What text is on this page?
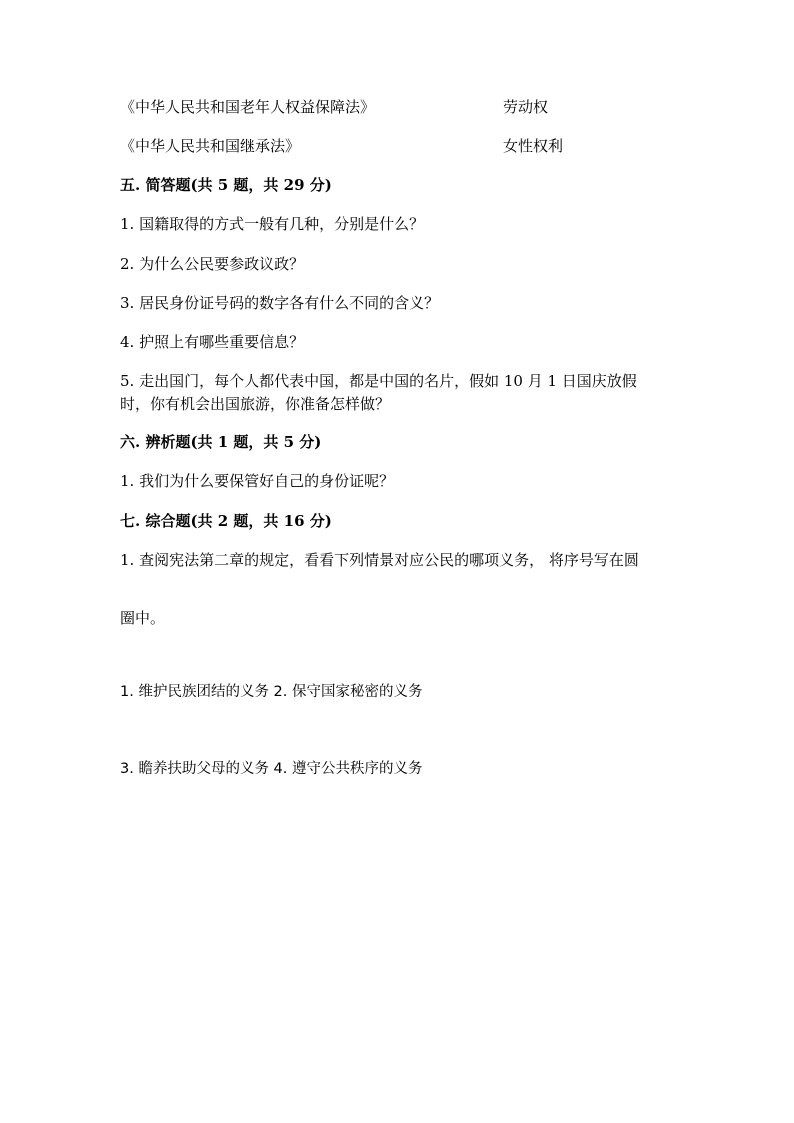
《中华人民共和国老年人权益保障法》	劳动权
《中华人民共和国继承法》	女性权利
五. 简答题(共 5 题，共 29 分)
1. 国籍取得的方式一般有几种，分别是什么？
2. 为什么公民要参政议政？
3. 居民身份证号码的数字各有什么不同的含义？
4. 护照上有哪些重要信息？
5. 走出国门，每个人都代表中国，都是中国的名片，假如 10 月 1 日国庆放假
时，你有机会出国旅游，你准备怎样做？
六. 辨析题(共 1 题，共 5 分)
1. 我们为什么要保管好自己的身份证呢？
七. 综合题(共 2 题，共 16 分)
1. 查阅宪法第二章的规定，看看下列情景对应公民的哪项义务， 将序号写在圆
圈中。
1. 维护民族团结的义务 2. 保守国家秘密的义务
3. 瞻养扶助父母的义务 4. 遵守公共秩序的义务
